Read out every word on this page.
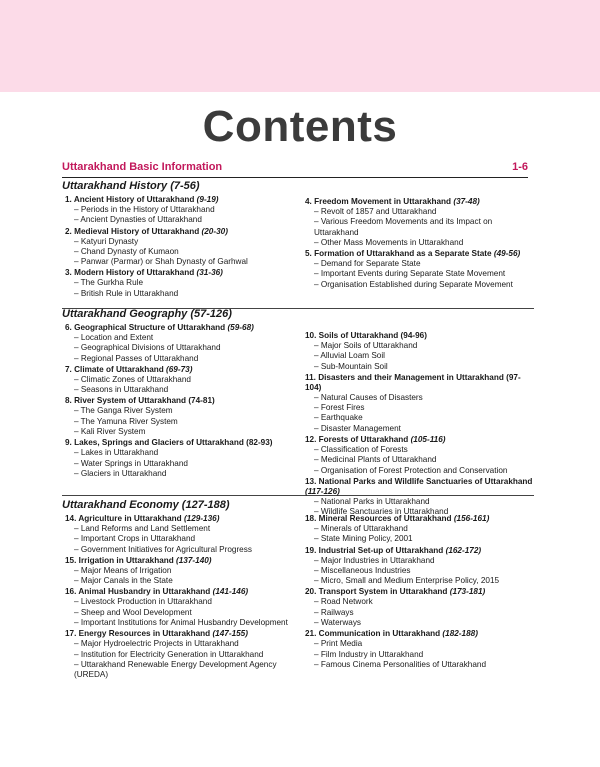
Contents
Uttarakhand Basic Information	1-6
Uttarakhand History (7-56)
1. Ancient History of Uttarakhand (9-19)
– Periods in the History of Uttarakhand
– Ancient Dynasties of Uttarakhand
2. Medieval History of Uttarakhand (20-30)
– Katyuri Dynasty
– Chand Dynasty of Kumaon
– Panwar (Parmar) or Shah Dynasty of Garhwal
3. Modern History of Uttarakhand (31-36)
– The Gurkha Rule
– British Rule in Uttarakhand
4. Freedom Movement in Uttarakhand (37-48)
– Revolt of 1857 and Uttarakhand
– Various Freedom Movements and its Impact on Uttarakhand
– Other Mass Movements in Uttarakhand
5. Formation of Uttarakhand as a Separate State (49-56)
– Demand for Separate State
– Important Events during Separate State Movement
– Organisation Established during Separate Movement
Uttarakhand Geography (57-126)
6. Geographical Structure of Uttarakhand (59-68)
– Location and Extent
– Geographical Divisions of Uttarakhand
– Regional Passes of Uttarakhand
7. Climate of Uttarakhand (69-73)
– Climatic Zones of Uttarakhand
– Seasons in Uttarakhand
8. River System of Uttarakhand (74-81)
– The Ganga River System
– The Yamuna River System
– Kali River System
9. Lakes, Springs and Glaciers of Uttarakhand (82-93)
– Lakes in Uttarakhand
– Water Springs in Uttarakhand
– Glaciers in Uttarakhand
10. Soils of Uttarakhand (94-96)
– Major Soils of Uttarakhand
– Alluvial Loam Soil
– Sub-Mountain Soil
11. Disasters and their Management in Uttarakhand (97-104)
– Natural Causes of Disasters
– Forest Fires
– Earthquake
– Disaster Management
12. Forests of Uttarakhand (105-116)
– Classification of Forests
– Medicinal Plants of Uttarakhand
– Organisation of Forest Protection and Conservation
13. National Parks and Wildlife Sanctuaries of Uttarakhand (117-126)
– National Parks in Uttarakhand
– Wildlife Sanctuaries in Uttarakhand
Uttarakhand Economy (127-188)
14. Agriculture in Uttarakhand (129-136)
– Land Reforms and Land Settlement
– Important Crops in Uttarakhand
– Government Initiatives for Agricultural Progress
15. Irrigation in Uttarakhand (137-140)
– Major Means of Irrigation
– Major Canals in the State
16. Animal Husbandry in Uttarakhand (141-146)
– Livestock Production in Uttarakhand
– Sheep and Wool Development
– Important Institutions for Animal Husbandry Development
17. Energy Resources in Uttarakhand (147-155)
– Major Hydroelectric Projects in Uttarakhand
– Institution for Electricity Generation in Uttarakhand
– Uttarakhand Renewable Energy Development Agency (UREDA)
18. Mineral Resources of Uttarakhand (156-161)
– Minerals of Uttarakhand
– State Mining Policy, 2001
19. Industrial Set-up of Uttarakhand (162-172)
– Major Industries in Uttarakhand
– Miscellaneous Industries
– Micro, Small and Medium Enterprise Policy, 2015
20. Transport System in Uttarakhand (173-181)
– Road Network
– Railways
– Waterways
21. Communication in Uttarakhand (182-188)
– Print Media
– Film Industry in Uttarakhand
– Famous Cinema Personalities of Uttarakhand
